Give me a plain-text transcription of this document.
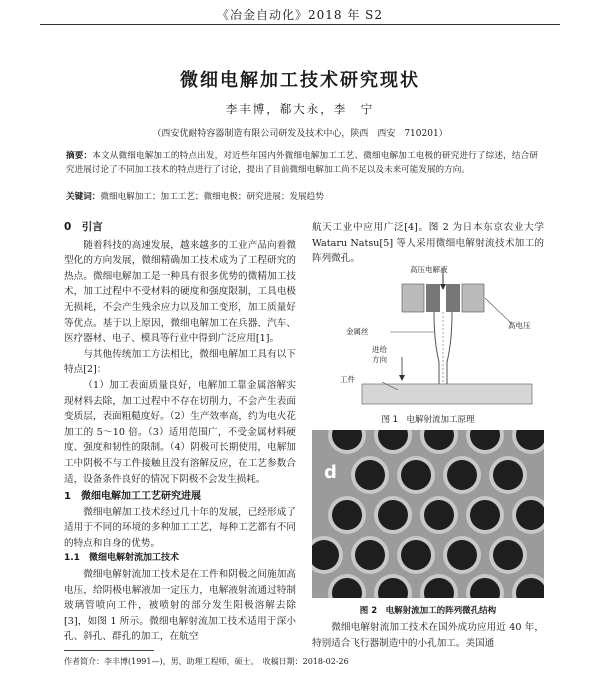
《冶金自动化》2018 年 S2
微细电解加工技术研究现状
李丰博，郗大永，李　宁
（西安优耐特容器制造有限公司研发及技术中心，陕西　西安　710201）
摘要：本文从微细电解加工的特点出发，对近些年国内外微细电解加工工艺、微细电解加工电极的研究进行了综述，结合研究进展讨论了不同加工技术的特点进行了讨论，提出了目前微细电解加工尚不足以及未来可能发展的方向。
关键词：微细电解加工；加工工艺；微细电极；研究进展；发展趋势
0　引言

随着科技的高速发展，越来越多的工业产品向着微型化的方向发展，微细精确加工技术成为了工程研究的热点。微细电解加工是一种具有很多优势的微精加工技术，加工过程中不受材料的硬度和强度限制，工具电极无损耗，不会产生残余应力以及加工变形，加工质量好等优点。基于以上原因，微细电解加工在兵器、汽车、医疗器材、电子、模具等行业中得到广泛应用[1]。

与其他传统加工方法相比，微细电解加工具有以下特点[2]：

（1）加工表面质量良好，电解加工靠金属溶解实现材料去除，加工过程中不存在切削力，不会产生表面变质层，表面粗糙度好。（2）生产效率高，约为电火花加工的 5～10 倍。（3）适用范围广，不受金属材料硬度、强度和韧性的限制。（4）阴极可长期使用，电解加工中阴极不与工件接触且没有溶解反应，在工艺参数合适，设备条件良好的情况下阴极不会发生损耗。

1　微细电解加工工艺研究进展

微细电解加工技术经过几十年的发展，已经形成了适用于不同的环境的多种加工工艺，每种工艺都有不同的特点和自身的优势。

1.1　微细电解射流加工技术

微细电解射流加工技术是在工件和阴极之间施加高电压，给阴极电解液加一定压力，电解液射流通过特制玻璃管喷向工件，被喷射的部分发生阳极溶解去除[3]，如图 1 所示。微细电解射流加工技术适用于深小孔、斜孔、群孔的加工，在航空

航天工业中应用广泛[4]。图 2 为日本东京农业大学 Wataru Natsu[5] 等人采用微细电解射流技术加工的阵列微孔。

高压电解液
金属丝
进给方向
工件
高电压
图 1　电解射流加工原理
d
图 2　电解射流加工的阵列微孔结构

微细电解射流加工技术在国外成功应用近 40 年，特别适合飞行器制造中的小孔加工。美国通

作者简介：李丰博(1991—)，男，助理工程师，硕士。　收稿日期：2018-02-26
